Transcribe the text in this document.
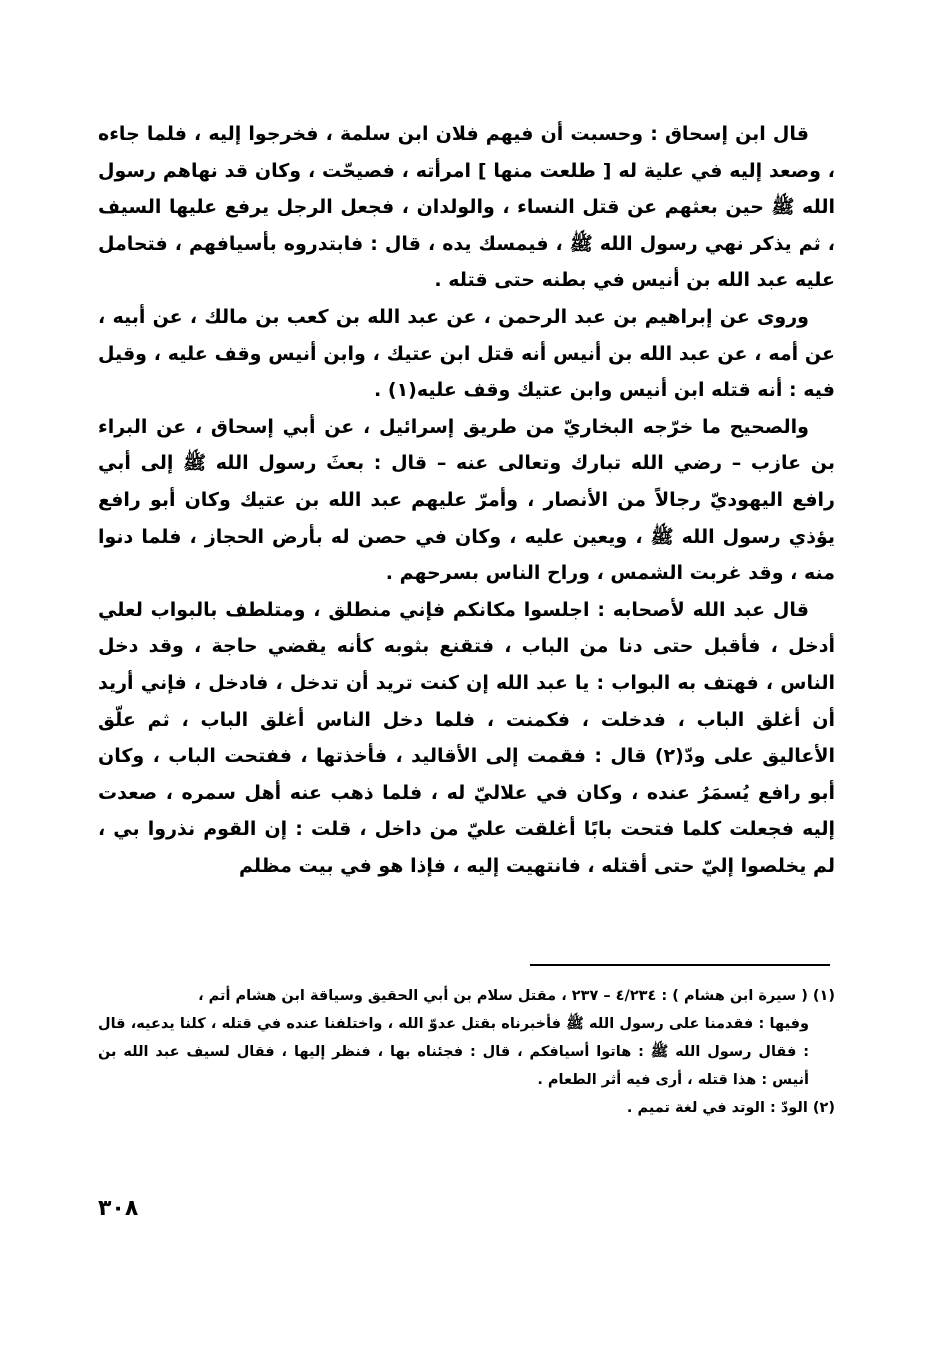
قال ابن إسحاق : وحسبت أن فيهم فلان ابن سلمة ، فخرجوا إليه ، فلما جاءه ، وصعد إليه في علية له [ طلعت منها ] امرأته ، فصيحّت ، وكان قد نهاهم رسول الله ﷺ حين بعثهم عن قتل النساء ، والولدان ، فجعل الرجل يرفع عليها السيف ، ثم يذكر نهي رسول الله ﷺ ، فيمسك يده ، قال : فابتدروه بأسيافهم ، فتحامل عليه عبد الله بن أنيس في بطنه حتى قتله .

وروى عن إبراهيم بن عبد الرحمن ، عن عبد الله بن كعب بن مالك ، عن أبيه ، عن أمه ، عن عبد الله بن أنيس أنه قتل ابن عتيك ، وابن أنيس وقف عليه ، وقيل فيه : أنه قتله ابن أنيس وابن عتيك وقف عليه(١) .

والصحيح ما خرّجه البخاريّ من طريق إسرائيل ، عن أبي إسحاق ، عن البراء بن عازب – رضي الله تبارك وتعالى عنه – قال : بعثَ رسول الله ﷺ إلى أبي رافع اليهوديّ رجالاً من الأنصار ، وأمرّ عليهم عبد الله بن عتيك وكان أبو رافع يؤذي رسول الله ﷺ ، ويعين عليه ، وكان في حصن له بأرض الحجاز ، فلما دنوا منه ، وقد غربت الشمس ، وراح الناس بسرحهم .

قال عبد الله لأصحابه : اجلسوا مكانكم فإني منطلق ، ومتلطف بالبواب لعلي أدخل ، فأقبل حتى دنا من الباب ، فتقنع بثوبه كأنه يقضي حاجة ، وقد دخل الناس ، فهتف به البواب : يا عبد الله إن كنت تريد أن تدخل ، فادخل ، فإني أريد أن أغلق الباب ، فدخلت ، فكمنت ، فلما دخل الناس أغلق الباب ، ثم علّق الأعاليق على ودّ(٢) قال : فقمت إلى الأقاليد ، فأخذتها ، ففتحت الباب ، وكان أبو رافع يُسمَرُ عنده ، وكان في علاليّ له ، فلما ذهب عنه أهل سمره ، صعدت إليه فجعلت كلما فتحت بابًا أغلقت عليّ من داخل ، قلت : إن القوم نذروا بي ، لم يخلصوا إليّ حتى أقتله ، فانتهيت إليه ، فإذا هو في بيت مظلم

(١) ( سيرة ابن هشام ) : ٤/٢٣٤ – ٢٣٧ ، مقتل سلام بن أبي الحقيق وسياقة ابن هشام أتم ،

وفيها : فقدمنا على رسول الله ﷺ فأخبرناه بقتل عدوّ الله ، واختلفنا عنده في قتله ، كلنا يدعيه، قال : فقال رسول الله ﷺ : هاتوا أسيافكم ، قال : فجئناه بها ، فنظر إليها ، فقال لسيف عبد الله بن أنيس : هذا قتله ، أرى فيه أثر الطعام .

(٢) الودّ : الوتد في لغة تميم .

٣٠٨
